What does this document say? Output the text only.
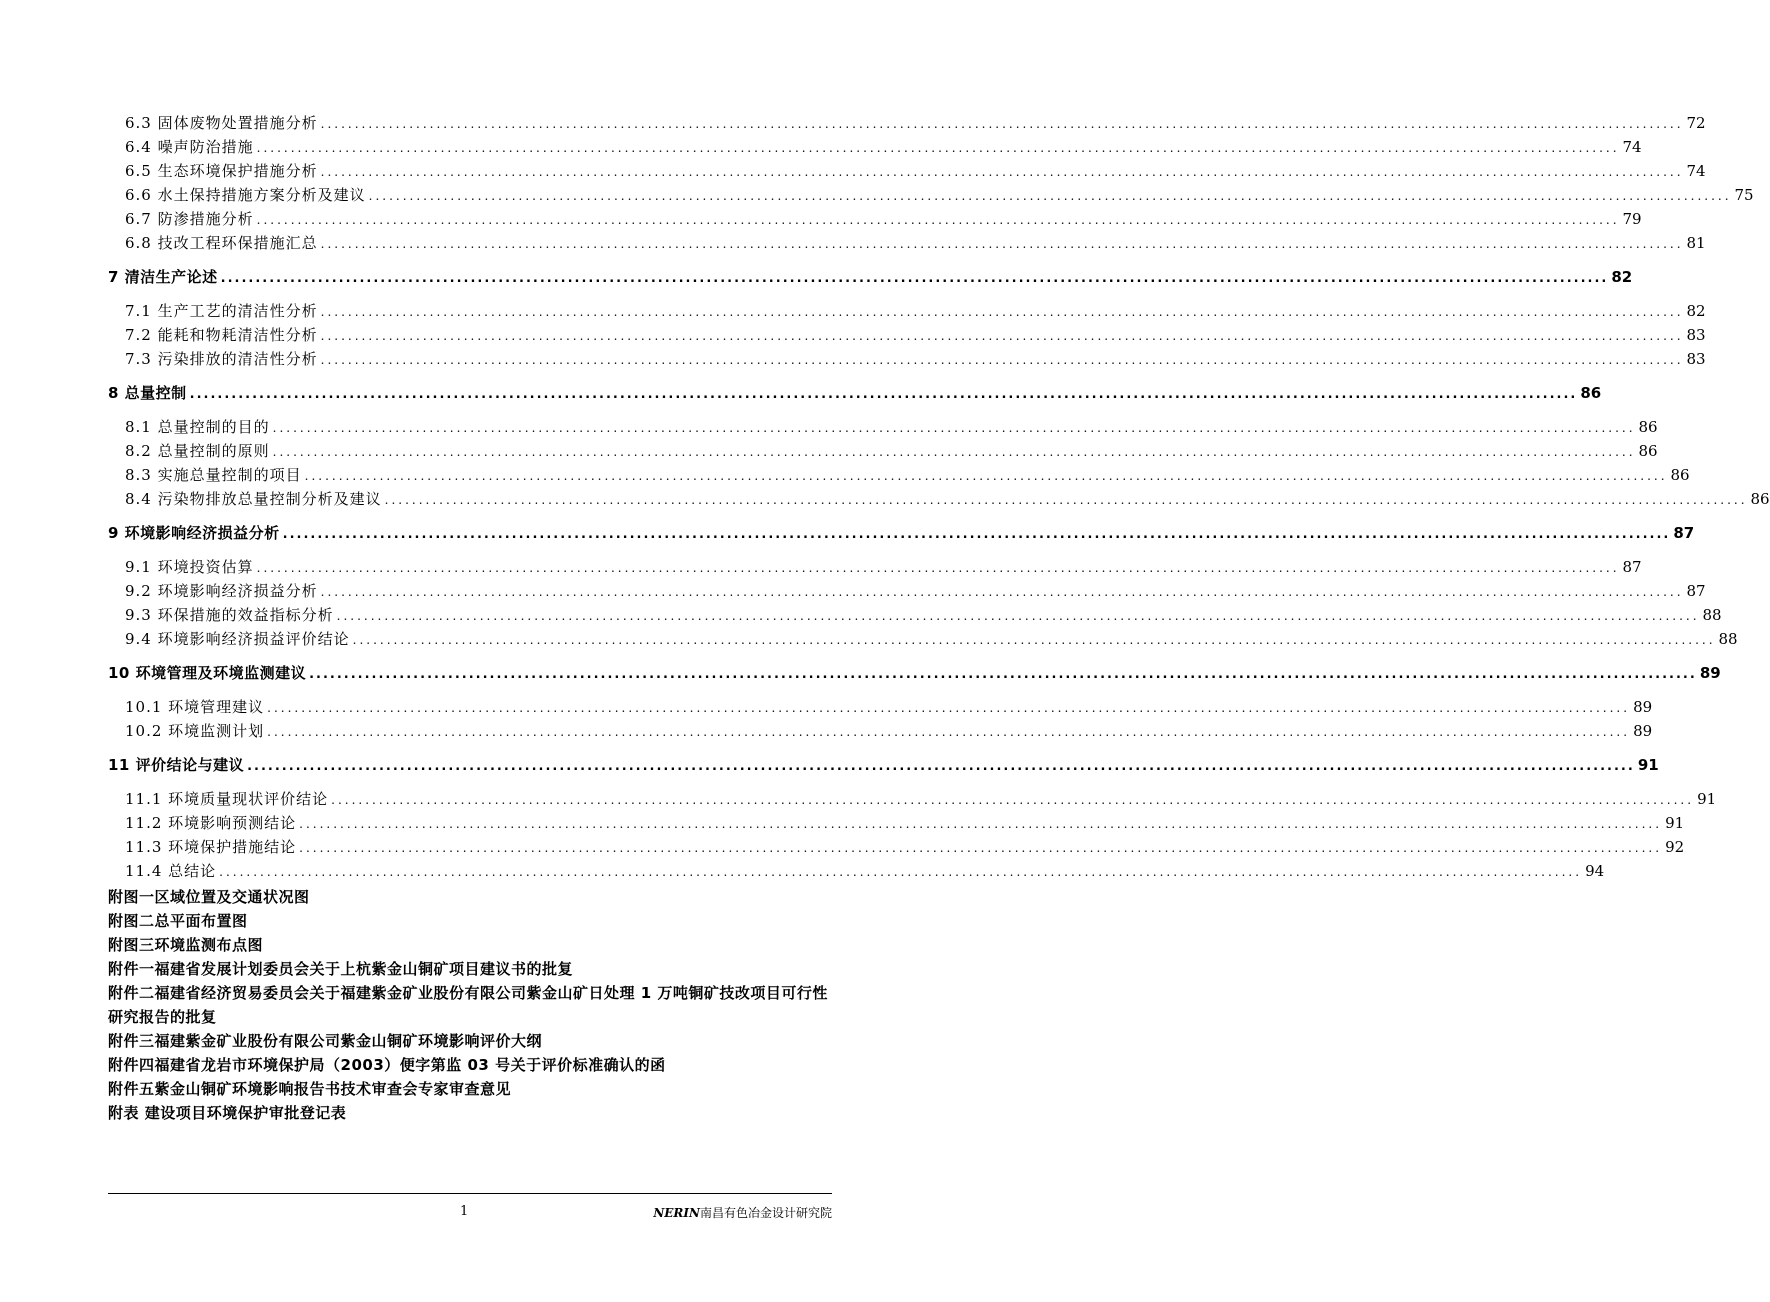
6.3 固体废物处置措施分析 ........................................................................................................................................................................................................ 72
6.4 噪声防治措施 ........................................................................................................................................................................................................ 74
6.5 生态环境保护措施分析 ........................................................................................................................................................................................................ 74
6.6 水土保持措施方案分析及建议 ........................................................................................................................................................................................................ 75
6.7 防渗措施分析 ........................................................................................................................................................................................................ 79
6.8 技改工程环保措施汇总 ........................................................................................................................................................................................................ 81
7 清洁生产论述 ........................................................................................................................................................................................................ 82
7.1 生产工艺的清洁性分析 ........................................................................................................................................................................................................ 82
7.2 能耗和物耗清洁性分析 ........................................................................................................................................................................................................ 83
7.3 污染排放的清洁性分析 ........................................................................................................................................................................................................ 83
8 总量控制 ........................................................................................................................................................................................................ 86
8.1 总量控制的目的 ........................................................................................................................................................................................................ 86
8.2 总量控制的原则 ........................................................................................................................................................................................................ 86
8.3 实施总量控制的项目 ........................................................................................................................................................................................................ 86
8.4 污染物排放总量控制分析及建议 ........................................................................................................................................................................................................ 86
9 环境影响经济损益分析 ........................................................................................................................................................................................................ 87
9.1 环境投资估算 ........................................................................................................................................................................................................ 87
9.2 环境影响经济损益分析 ........................................................................................................................................................................................................ 87
9.3 环保措施的效益指标分析 ........................................................................................................................................................................................................ 88
9.4 环境影响经济损益评价结论 ........................................................................................................................................................................................................ 88
10 环境管理及环境监测建议 ........................................................................................................................................................................................................ 89
10.1 环境管理建议 ........................................................................................................................................................................................................ 89
10.2 环境监测计划 ........................................................................................................................................................................................................ 89
11 评价结论与建议 ........................................................................................................................................................................................................ 91
11.1 环境质量现状评价结论 ........................................................................................................................................................................................................ 91
11.2 环境影响预测结论 ........................................................................................................................................................................................................ 91
11.3 环境保护措施结论 ........................................................................................................................................................................................................ 92
11.4 总结论 ........................................................................................................................................................................................................ 94
附图一区域位置及交通状况图
附图二总平面布置图
附图三环境监测布点图
附件一福建省发展计划委员会关于上杭紫金山铜矿项目建议书的批复
附件二福建省经济贸易委员会关于福建紫金矿业股份有限公司紫金山矿日处理 1 万吨铜矿技改项目可行性研究报告的批复
附件三福建紫金矿业股份有限公司紫金山铜矿环境影响评价大纲
附件四福建省龙岩市环境保护局（2003）便字第监 03 号关于评价标准确认的函
附件五紫金山铜矿环境影响报告书技术审查会专家审查意见
附表 建设项目环境保护审批登记表
1	NERIN南昌有色冶金设计研究院
